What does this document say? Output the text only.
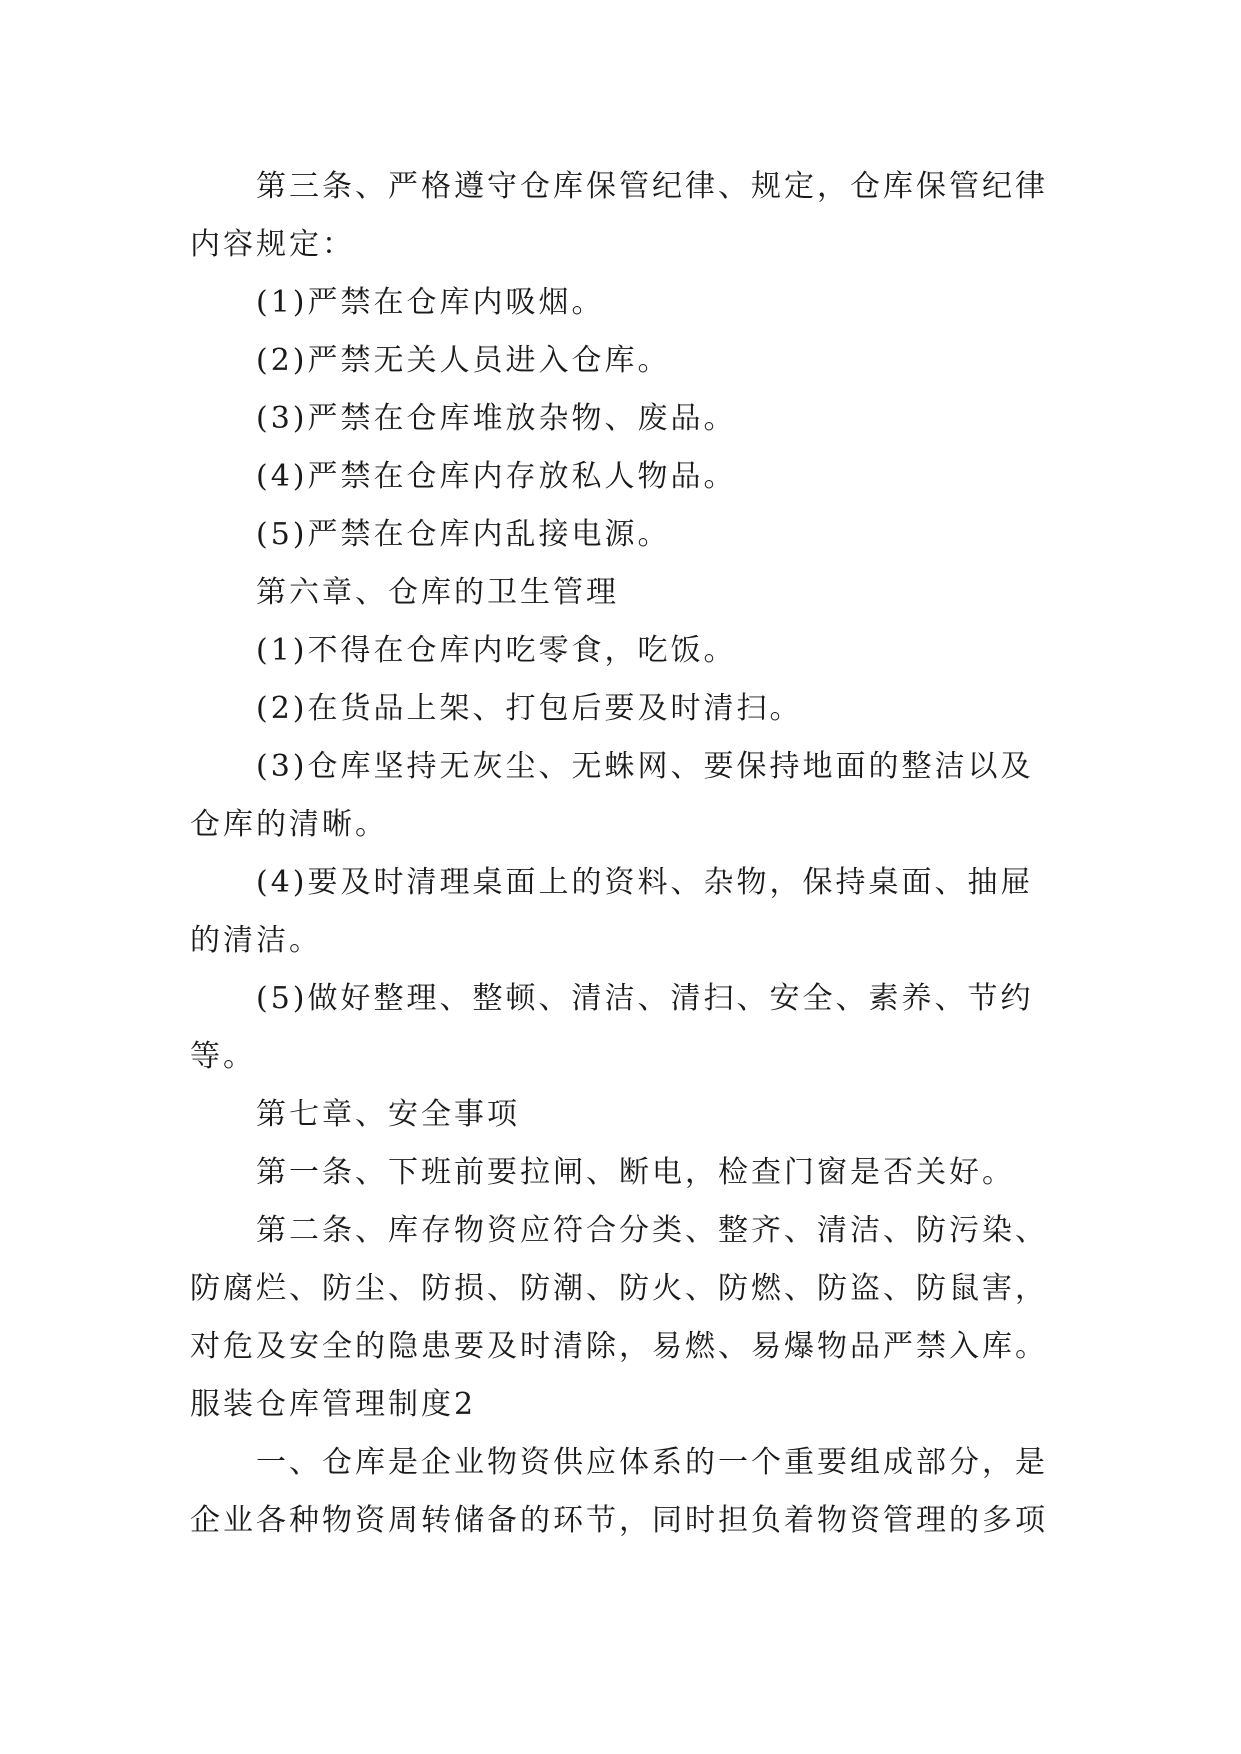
第三条、严格遵守仓库保管纪律、规定，仓库保管纪律
内容规定：
(1)严禁在仓库内吸烟。
(2)严禁无关人员进入仓库。
(3)严禁在仓库堆放杂物、废品。
(4)严禁在仓库内存放私人物品。
(5)严禁在仓库内乱接电源。
第六章、仓库的卫生管理
(1)不得在仓库内吃零食，吃饭。
(2)在货品上架、打包后要及时清扫。
(3)仓库坚持无灰尘、无蛛网、要保持地面的整洁以及
仓库的清晰。
(4)要及时清理桌面上的资料、杂物，保持桌面、抽屉
的清洁。
(5)做好整理、整顿、清洁、清扫、安全、素养、节约
等。
第七章、安全事项
第一条、下班前要拉闸、断电，检查门窗是否关好。
第二条、库存物资应符合分类、整齐、清洁、防污染、
防腐烂、防尘、防损、防潮、防火、防燃、防盗、防鼠害，
对危及安全的隐患要及时清除，易燃、易爆物品严禁入库。
服装仓库管理制度2
一、仓库是企业物资供应体系的一个重要组成部分，是
企业各种物资周转储备的环节，同时担负着物资管理的多项
